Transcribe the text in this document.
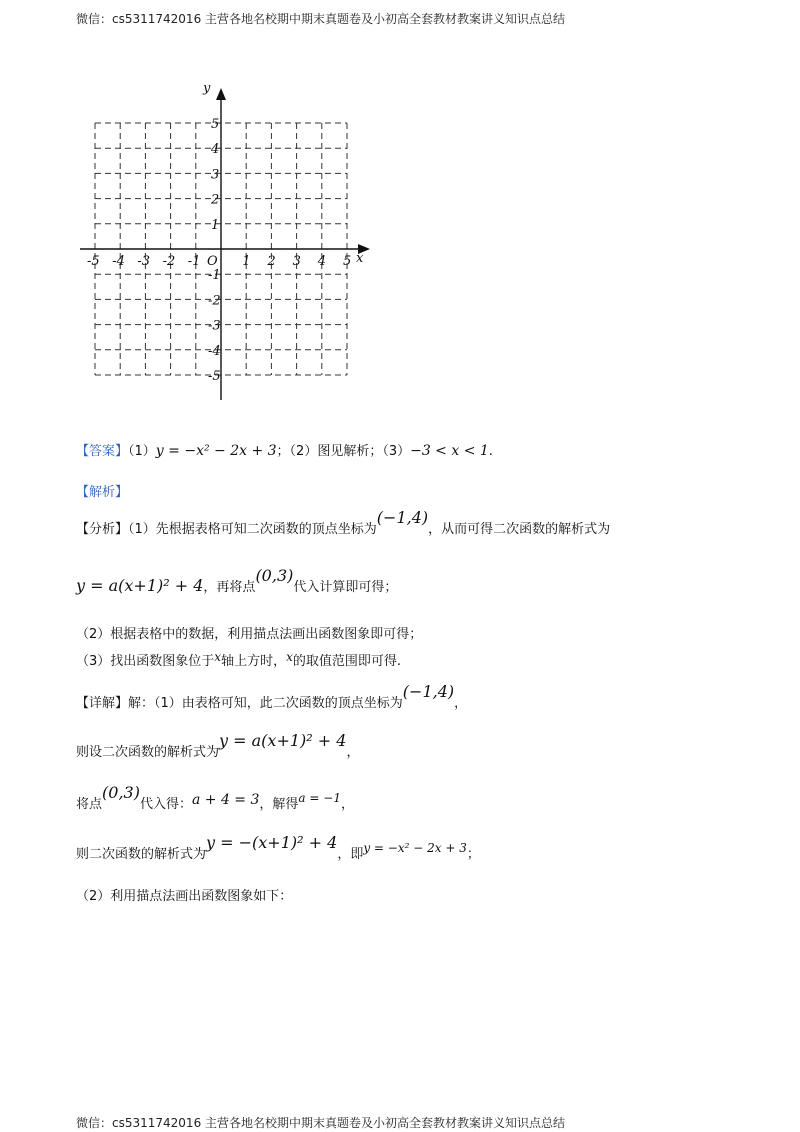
微信：cs5311742016 主营各地名校期中期末真题卷及小初高全套教材教案讲义知识点总结
x
y
O
-5 -4 -3 -2 -1	1 2 3 4 5
5
4
3
2
1
-1
-2
-3
-4
-5
【答案】（1）y = −x² − 2x + 3；（2）图见解析；（3）−3 < x < 1.
【解析】
【分析】（1）先根据表格可知二次函数的顶点坐标为(−1,4)，从而可得二次函数的解析式为
y = a(x+1)² + 4，再将点(0,3)代入计算即可得；
（2）根据表格中的数据，利用描点法画出函数图象即可得；
（3）找出函数图象位于x轴上方时，x的取值范围即可得.
【详解】解：（1）由表格可知，此二次函数的顶点坐标为(−1,4)，
则设二次函数的解析式为y = a(x+1)² + 4，
将点(0,3)代入得：a + 4 = 3，解得a = −1，
则二次函数的解析式为y = −(x+1)² + 4，即y = −x² − 2x + 3；
（2）利用描点法画出函数图象如下：
微信：cs5311742016 主营各地名校期中期末真题卷及小初高全套教材教案讲义知识点总结
